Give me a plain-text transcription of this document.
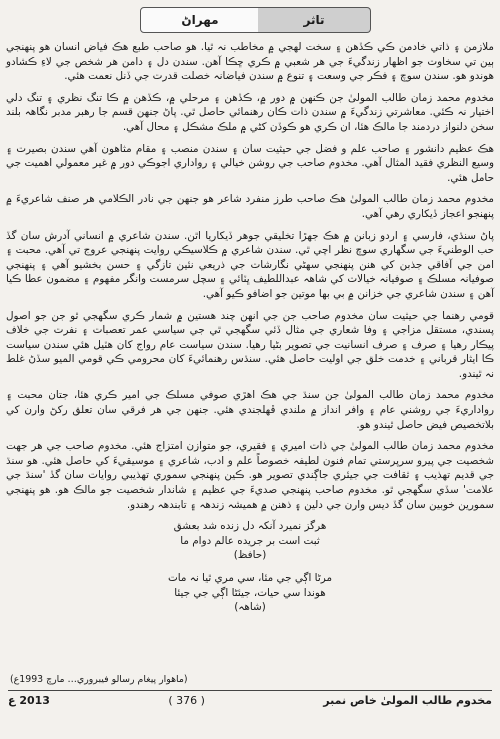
مهراڻ	تاثر

ملازمن ۽ ذاتي خادمن ڪي ڪڏهن ۽ سخت لهجي ۾ مخاطب نہ ٿيا. هو صاحب طبع هڪ فياض انسان هو پنهنجي ٻين تي سخاوت جو اظهار زندگيءَ جي هر شعبي ۾ ڪري ڇڪا آهن. سندن دل ۽ دامن هر شخص جي لاءِ ڪشادو هوندو هو. سندن سوچ ۽ فڪر جي وسعت ۽ تنوع ۾ سندن فياضانہ خصلت قدرت جي ڏنل نعمت هئي.

مخدوم محمد زمان طالب المولىٰ جن ڪنهن ۾ دور ۾، ڪڏهن ۽ مرحلي ۾، ڪڏهن ۾ ڪا تنگ نظري ۽ تنگ دلي اختيار نہ ڪئي. معاشرتي زندگيءَ ۾ سندن ذات ڪان رهنمائي حاصل ٿي. پاڻ جنهن قسم جا رهبر مدبر نگاهہ بلند سخن دلنواز دردمند جا مالڪ هئا، ان ڪري هو ڪوڏن کڻي ۾ ملڪ مشڪل ۽ محال آهي.

هڪ عظيم دانشور ۽ صاحب علم و فضل جي حيثيت سان ۽ سندن منصب ۽ مقام مثاهون آهي سندن بصيرت ۽ وسيع النظري فقيد المثال آهي. مخدوم صاحب جي روشن خيالي ۽ رواداري اجوڪي دور ۾ غير معمولي اهميت جي حامل هئي.

مخدوم محمد زمان طالب المولىٰ هڪ صاحب طرز منفرد شاعر هو جنهن جي نادر الڪلامي هر صنف شاعريءَ ۾ پنهنجو اعجاز ڏيکاري رهي آهي.

پاڻ سنڌي، فارسي ۽ اردو زبانن ۾ هڪ جهڙا تخليقي جوهر ڏيکاريا اٿن. سندن شاعري ۾ انساني آدرش سان گڏ حب الوطنيءَ جي سگهاري سوچ نظر اچي ٿي. سندن شاعري ۾ ڪلاسيڪي روايت پنهنجي عروج تي آهي. محبت ۽ امن جي آفاقي جذبن کي هنن پنهنجي سهڻي نگارشات جي ذريعي نئين تازگي ۽ حسن بخشيو آهي ۽ پنهنجي صوفيانہ مسلڪ ۽ صوفيانہ خيالات کي شاهہ عبداللطيف ڀٽائي ۽ سچل سرمست وانگر مفهوم ۽ مضمون عطا ڪيا آهن ۽ سندن شاعري جي خزانن ۾ بي بها موتين جو اضافو ڪيو آهي.

قومي رهنما جي حيثيت سان مخدوم صاحب جن جي انهن چند هستين ۾ شمار ڪري سگهجي ٿو جن جو اصول پسندي، مستقل مزاجي ۽ وفا شعاري جي مثال ڏئي سگهجي ٿي جي سياسي عمر تعصبات ۽ نفرت جي خلاف پيڪار رهيا ۽ صرف ۽ صرف انسانيت جي تصوير بڻيا رهيا. سندن سياست عام رواج کان هٽيل هئي سندن سياست ڪا ايثار قرباني ۽ خدمت خلق جي اوليت حاصل هئي. سنڌس رهنمائيءَ کان محرومي ڪي قومي الميو سڏڻ غلط نہ ٿيندو.

مخدوم محمد زمان طالب المولىٰ جن سنڌ جي هڪ اهڙي صوفي مسلڪ جي امير ڪري هئا، جتان محبت ۽ رواداريءَ جي روشني عام ۽ وافر انداز ۾ ملندي ڦهلجندي هئي. جنهن جي هر فرقي سان تعلق رکڻ وارن کي بلاتخصيص فيض حاصل ٿيندو هو.

مخدوم محمد زمان طالب المولىٰ جي ذات اميري ۽ فقيري، جو متوازن امتزاج هئي. مخدوم صاحب جي هر جهت شخصيت جي پيرو سرپرستي تمام فنون لطيفہ خصوصاً علم و ادب، شاعري ۽ موسيقيءَ کي حاصل هئي. هو سنڌ جي قديم تهذيب ۽ ثقافت جي جيئري جاڳندي تصوير هو. ڪين پنهنجي سموري تهذيبي روايات سان گڏ 'سنڌ جي علامت' سڏي سگهجي ٿو. مخدوم صاحب پنهنجي صديءَ جي عظيم ۽ شاندار شخصيت جو مالڪ هو. هو پنهنجي سمورين خوبين سان گڏ ديس وارن جي دلين ۽ ذهنن ۾ هميشہ زندهہ ۽ تابندهہ رهندو.

هرگز نميرد آنکہ دل زنده شد بعشق
ثبت است بر جريده عالم دوام ما
(حافظ)
مرڻا اڳي جي مئا، سي مري ٿيا نہ مات
هوندا سي حيات، جيئڻا اڳي جي جيئا
(شاهہ)
(ماهوار پيغام رسالو فيبروري… مارچ 1993ع)
2013 ع	( 376 )	مخدوم طالب المولىٰ خاص نمبر
